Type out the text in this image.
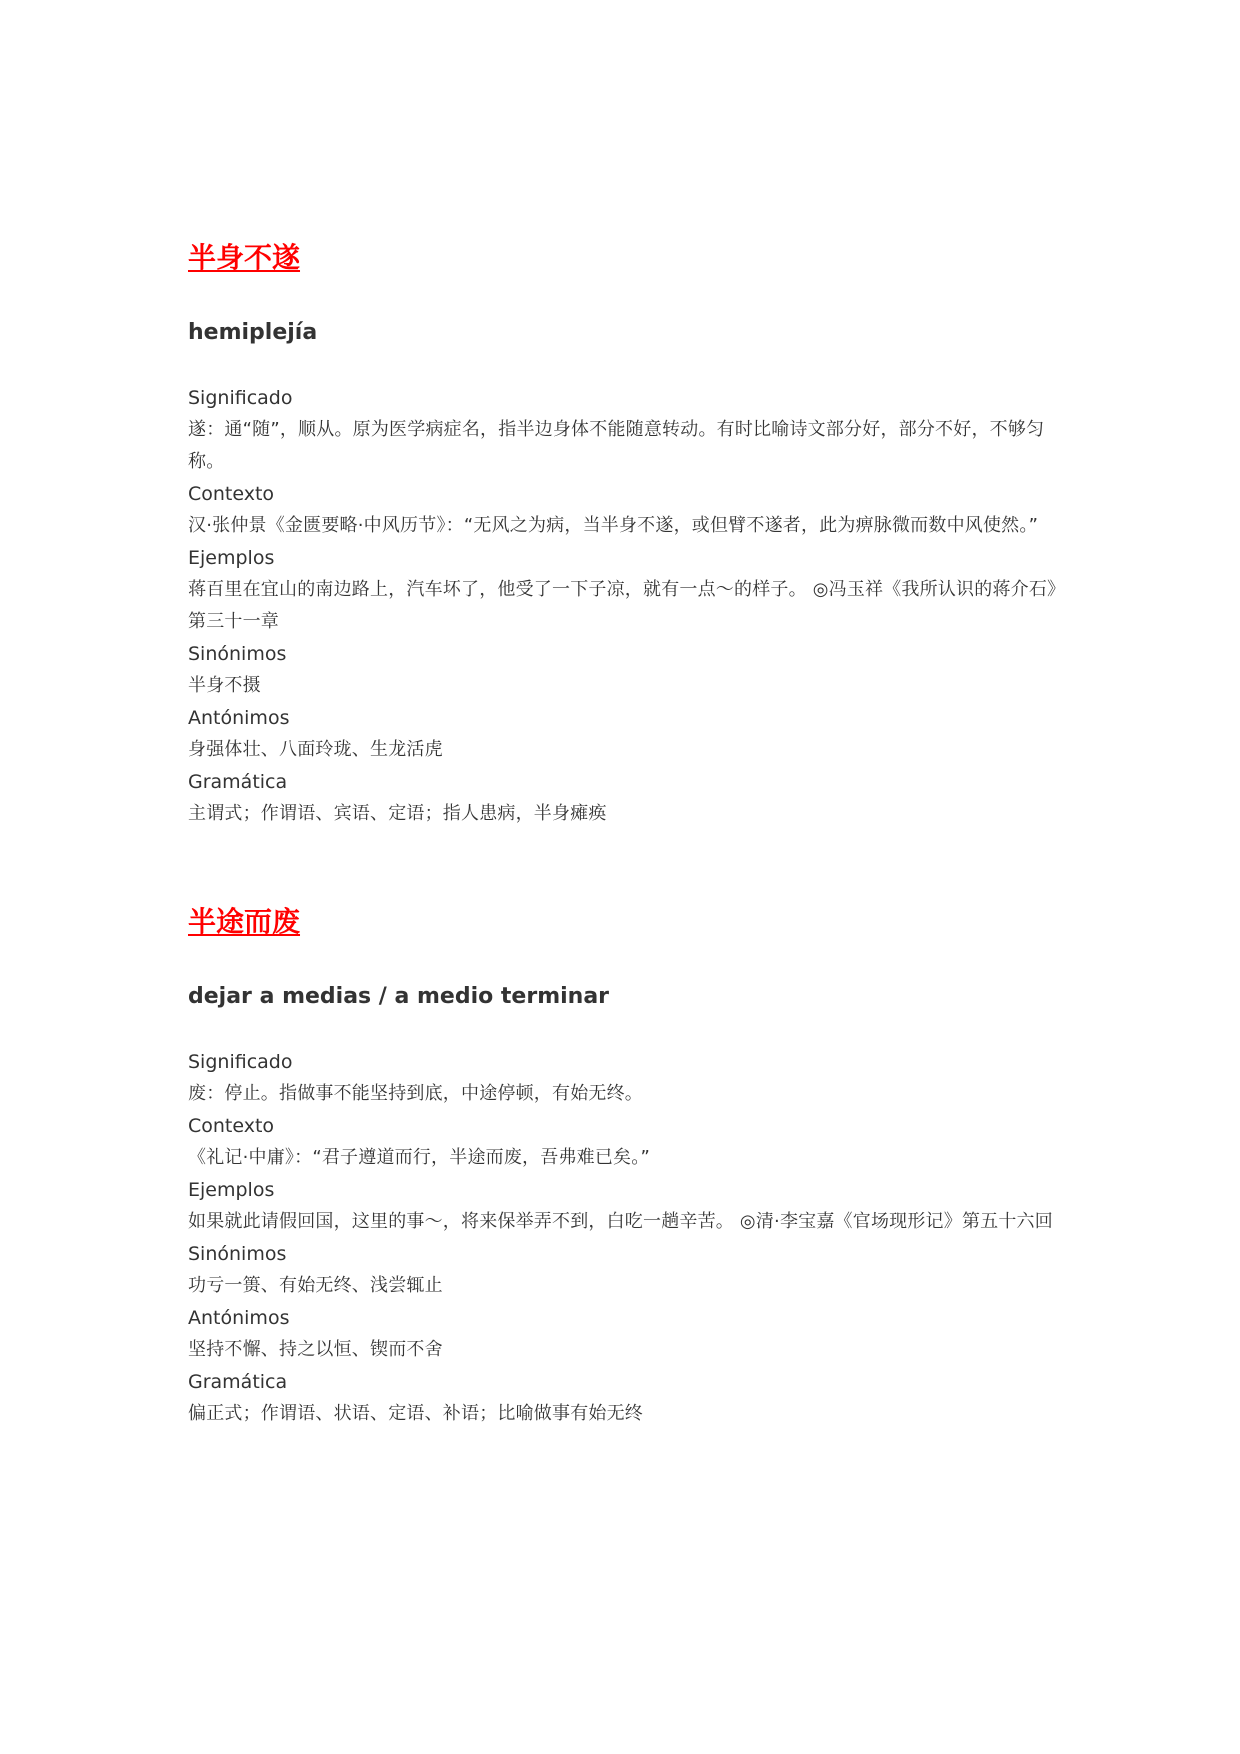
半身不遂
hemiplejía
Significado
遂：通“随”，顺从。原为医学病症名，指半边身体不能随意转动。有时比喻诗文部分好，部分不好，不够匀称。
Contexto
汉·张仲景《金匮要略·中风历节》：“无风之为病，当半身不遂，或但臂不遂者，此为痹脉微而数中风使然。”
Ejemplos
蒋百里在宜山的南边路上，汽车坏了，他受了一下子凉，就有一点～的样子。 ◎冯玉祥《我所认识的蒋介石》第三十一章
Sinónimos
半身不摄
Antónimos
身强体壮、八面玲珑、生龙活虎
Gramática
主谓式；作谓语、宾语、定语；指人患病，半身瘫痪
半途而废
dejar a medias / a medio terminar
Significado
废：停止。指做事不能坚持到底，中途停顿，有始无终。
Contexto
《礼记·中庸》：“君子遵道而行，半途而废，吾弗难已矣。”
Ejemplos
如果就此请假回国，这里的事～，将来保举弄不到，白吃一趟辛苦。 ◎清·李宝嘉《官场现形记》第五十六回
Sinónimos
功亏一篑、有始无终、浅尝辄止
Antónimos
坚持不懈、持之以恒、锲而不舍
Gramática
偏正式；作谓语、状语、定语、补语；比喻做事有始无终
